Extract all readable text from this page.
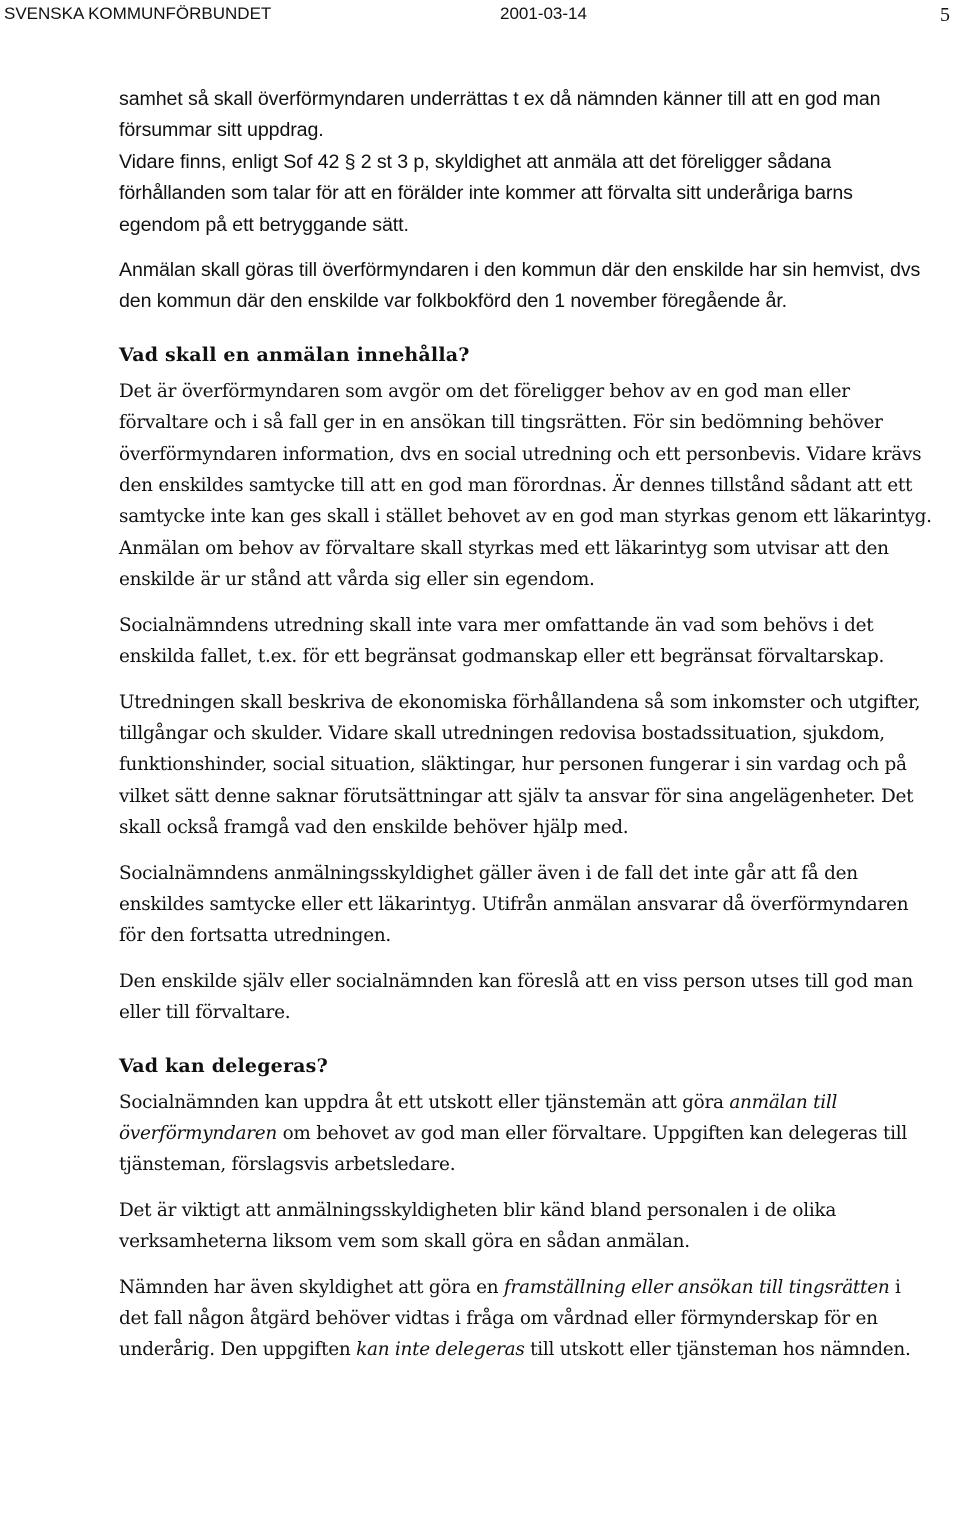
SVENSKA KOMMUNFÖRBUNDET	2001-03-14	5

samhet så skall överförmyndaren underrättas t ex då nämnden känner till att en god man försummar sitt uppdrag.

Vidare finns, enligt Sof 42 § 2 st 3 p, skyldighet att anmäla att det föreligger sådana förhållanden som talar för att en förälder inte kommer att förvalta sitt underåriga barns egendom på ett betryggande sätt.

Anmälan skall göras till överförmyndaren i den kommun där den enskilde har sin hemvist, dvs den kommun där den enskilde var folkbokförd den 1 november föregående år.

Vad skall en anmälan innehålla?

Det är överförmyndaren som avgör om det föreligger behov av en god man eller förvaltare och i så fall ger in en ansökan till tingsrätten. För sin bedömning behöver överförmyndaren information, dvs en social utredning och ett personbevis. Vidare krävs den enskildes samtycke till att en god man förordnas. Är dennes tillstånd sådant att ett samtycke inte kan ges skall i stället behovet av en god man styrkas genom ett läkarintyg. Anmälan om behov av förvaltare skall styrkas med ett läkarintyg som utvisar att den enskilde är ur stånd att vårda sig eller sin egendom.

Socialnämndens utredning skall inte vara mer omfattande än vad som behövs i det enskilda fallet, t.ex. för ett begränsat godmanskap eller ett begränsat förvaltarskap.

Utredningen skall beskriva de ekonomiska förhållandena så som inkomster och utgifter, tillgångar och skulder. Vidare skall utredningen redovisa bostadssituation, sjukdom, funktionshinder, social situation, släktingar, hur personen fungerar i sin vardag och på vilket sätt denne saknar förutsättningar att själv ta ansvar för sina angelägenheter. Det skall också framgå vad den enskilde behöver hjälp med.

Socialnämndens anmälningsskyldighet gäller även i de fall det inte går att få den enskildes samtycke eller ett läkarintyg. Utifrån anmälan ansvarar då överförmyndaren för den fortsatta utredningen.

Den enskilde själv eller socialnämnden kan föreslå att en viss person utses till god man eller till förvaltare.

Vad kan delegeras?

Socialnämnden kan uppdra åt ett utskott eller tjänstemän att göra anmälan till överförmyndaren om behovet av god man eller förvaltare. Uppgiften kan delegeras till tjänsteman, förslagsvis arbetsledare.

Det är viktigt att anmälningsskyldigheten blir känd bland personalen i de olika verksamheterna liksom vem som skall göra en sådan anmälan.

Nämnden har även skyldighet att göra en framställning eller ansökan till tingsrätten i det fall någon åtgärd behöver vidtas i fråga om vårdnad eller förmynderskap för en underårig. Den uppgiften kan inte delegeras till utskott eller tjänsteman hos nämnden.
